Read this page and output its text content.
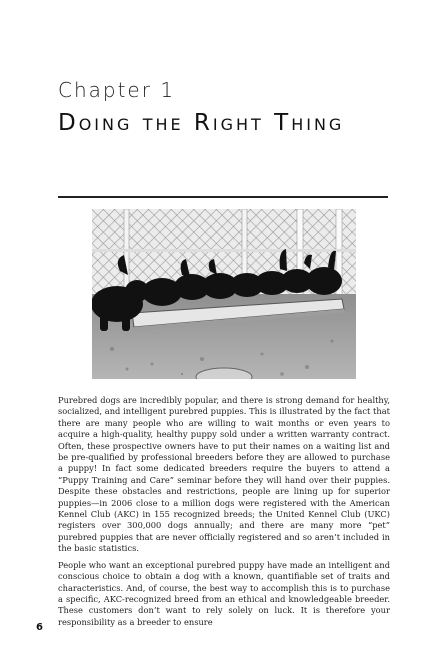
Chapter 1
Doing the Right Thing

Purebred dogs are incredibly popular, and there is strong demand for healthy, socialized, and intelligent purebred puppies. This is illustrated by the fact that there are many people who are willing to wait months or even years to acquire a high-quality, healthy puppy sold under a written warranty contract. Often, these prospective owners have to put their names on a waiting list and be pre-qualified by professional breeders before they are allowed to purchase a puppy! In fact some dedicated breeders require the buyers to attend a “Puppy Training and Care” seminar before they will hand over their puppies. Despite these obstacles and restrictions, people are lining up for superior puppies—in 2006 close to a million dogs were registered with the American Kennel Club (AKC) in 155 recognized breeds; the United Kennel Club (UKC) registers over 300,000 dogs annually; and there are many more “pet” purebred puppies that are never officially registered and so aren’t included in the basic statistics.

People who want an exceptional purebred puppy have made an intelligent and conscious choice to obtain a dog with a known, quantifiable set of traits and characteristics. And, of course, the best way to accomplish this is to purchase a specific, AKC-recognized breed from an ethical and knowledgeable breeder. These customers don’t want to rely solely on luck. It is therefore your responsibility as a breeder to ensure

6
